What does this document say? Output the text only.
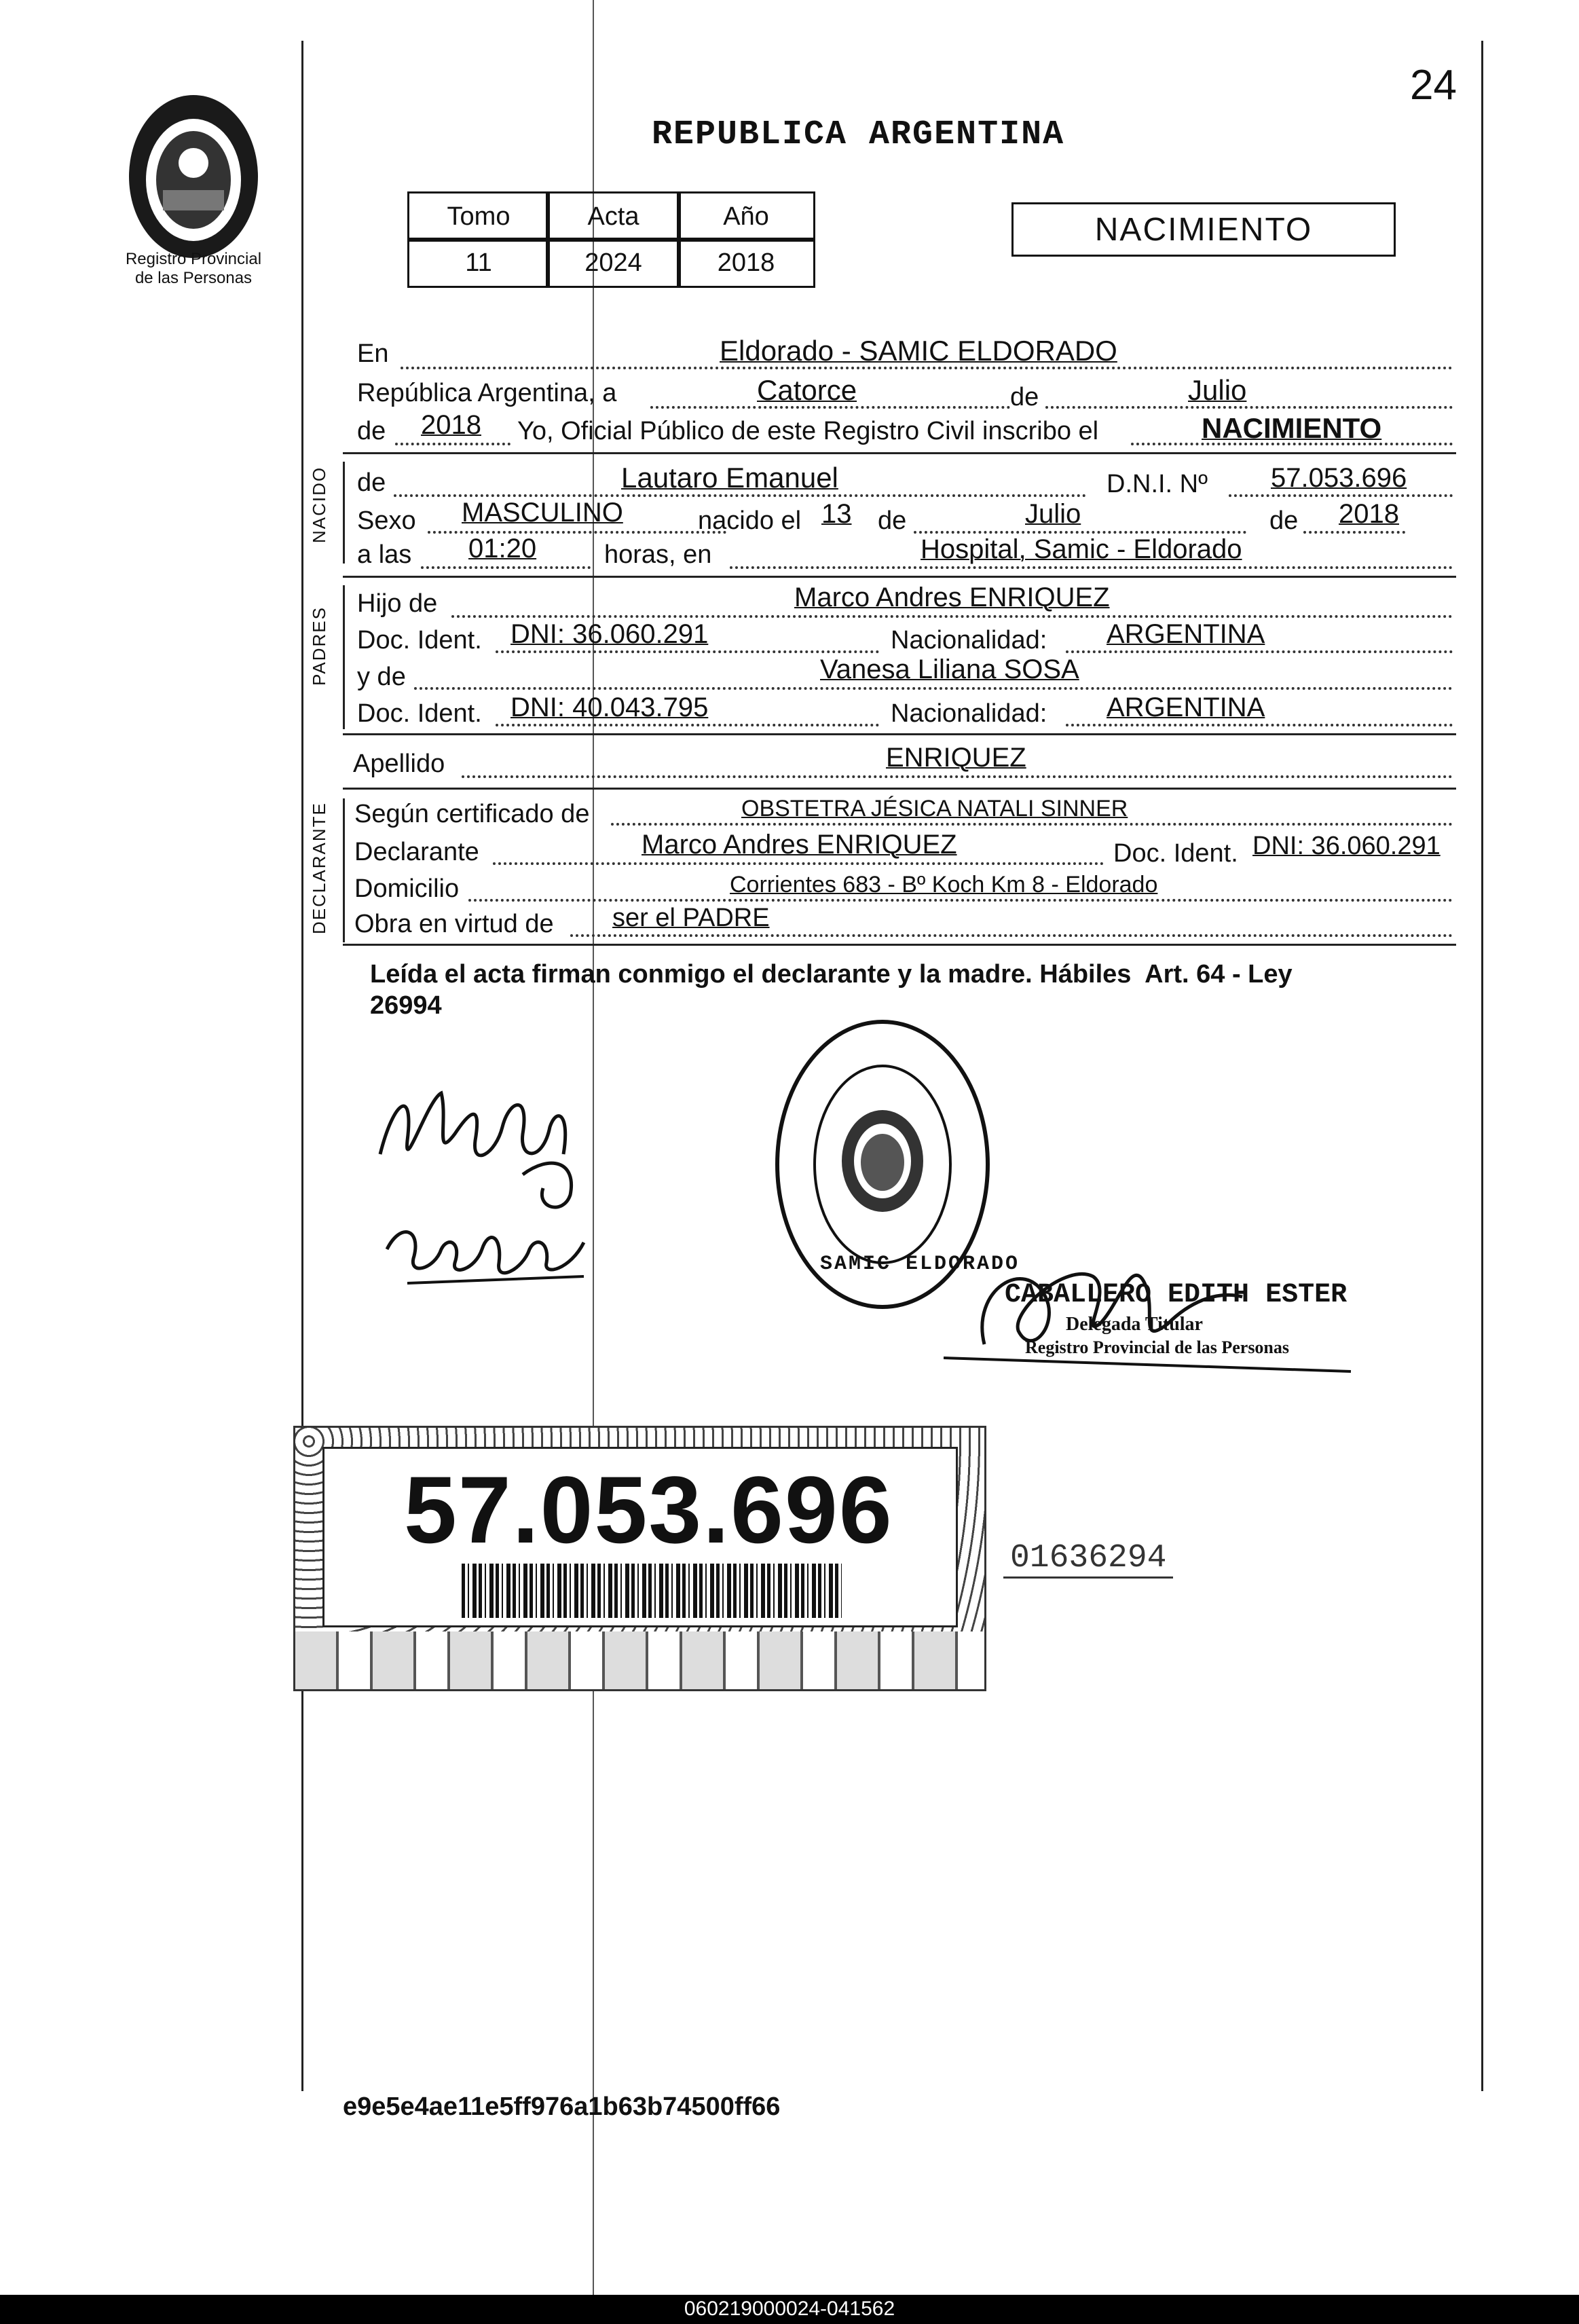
24
Registro Provincial
de las Personas
REPUBLICA ARGENTINA
Tomo	Acta	Año
11	2024	2018
NACIMIENTO
En	Eldorado - SAMIC ELDORADO
República Argentina, a	Catorce	de	Julio
de 2018 Yo, Oficial Público de este Registro Civil inscribo el	NACIMIENTO
NACIDO de	Lautaro Emanuel	D.N.I. Nº 57.053.696
Sexo MASCULINO	nacido el 13 de	Julio	de 2018
a las 01:20	horas, en	Hospital, Samic - Eldorado
PADRES
Hijo de	Marco Andres ENRIQUEZ
Doc. Ident. DNI: 36.060.291	Nacionalidad: ARGENTINA
y de	Vanesa Liliana SOSA
Doc. Ident. DNI: 40.043.795	Nacionalidad: ARGENTINA
Apellido	ENRIQUEZ
DECLARANTE Según certificado de	OBSTETRA JÉSICA NATALI SINNER
Declarante	Marco Andres ENRIQUEZ	Doc. Ident. DNI: 36.060.291
Domicilio	Corrientes 683 - Bº Koch Km 8 - Eldorado
Obra en virtud de ser el PADRE
Leída el acta firman conmigo el declarante y la madre. Hábiles  Art. 64 - Ley
26994
SAMIC ELDORADO
CABALLERO EDITH ESTER
Delegada Titular
Registro Provincial de las Personas
57.053.696	01636294
e9e5e4ae11e5ff976a1b63b74500ff66
060219000024-041562
